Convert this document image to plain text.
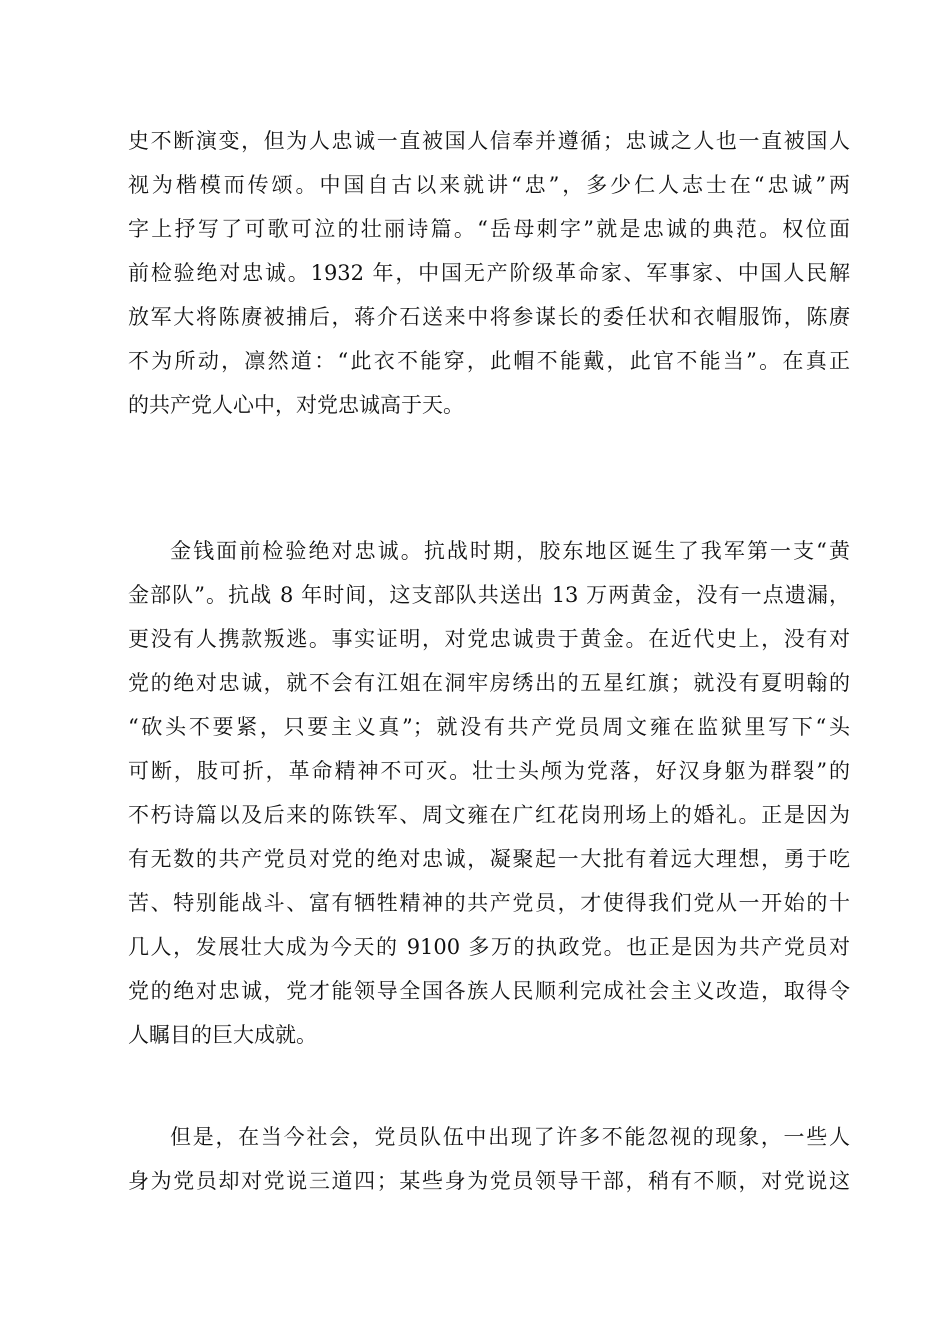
史不断演变，但为人忠诚一直被国人信奉并遵循；忠诚之人也一直被国人
视为楷模而传颂。中国自古以来就讲“忠”，多少仁人志士在“忠诚”两
字上抒写了可歌可泣的壮丽诗篇。“岳母刺字”就是忠诚的典范。权位面
前检验绝对忠诚。1932 年，中国无产阶级革命家、军事家、中国人民解
放军大将陈赓被捕后，蒋介石送来中将参谋长的委任状和衣帽服饰，陈赓
不为所动，凛然道：“此衣不能穿，此帽不能戴，此官不能当”。在真正
的共产党人心中，对党忠诚高于天。
金钱面前检验绝对忠诚。抗战时期，胶东地区诞生了我军第一支“黄
金部队”。抗战 8 年时间，这支部队共送出 13 万两黄金，没有一点遗漏，
更没有人携款叛逃。事实证明，对党忠诚贵于黄金。在近代史上，没有对
党的绝对忠诚，就不会有江姐在洞牢房绣出的五星红旗；就没有夏明翰的
“砍头不要紧，只要主义真”；就没有共产党员周文雍在监狱里写下“头
可断，肢可折，革命精神不可灭。壮士头颅为党落，好汉身躯为群裂”的
不朽诗篇以及后来的陈铁军、周文雍在广红花岗刑场上的婚礼。正是因为
有无数的共产党员对党的绝对忠诚，凝聚起一大批有着远大理想，勇于吃
苦、特别能战斗、富有牺牲精神的共产党员，才使得我们党从一开始的十
几人，发展壮大成为今天的 9100 多万的执政党。也正是因为共产党员对
党的绝对忠诚，党才能领导全国各族人民顺利完成社会主义改造，取得令
人瞩目的巨大成就。
但是，在当今社会，党员队伍中出现了许多不能忽视的现象，一些人
身为党员却对党说三道四；某些身为党员领导干部，稍有不顺，对党说这
